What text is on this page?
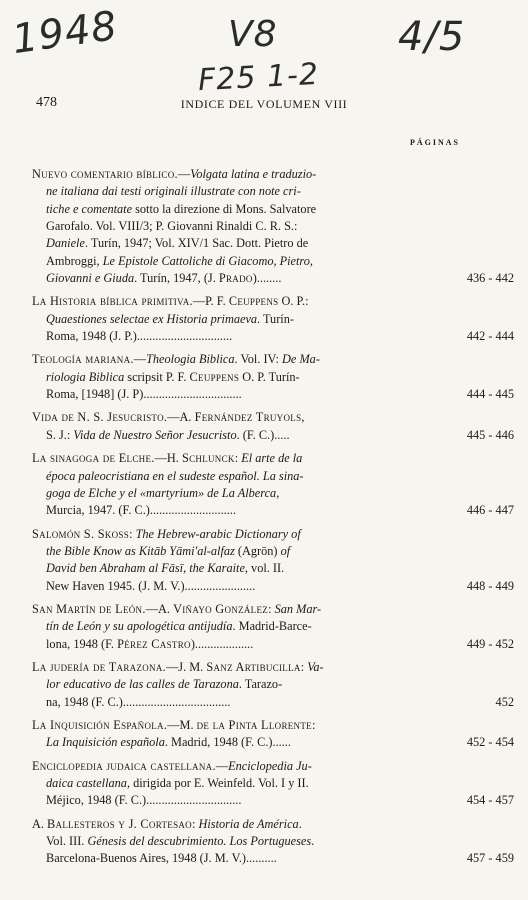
1948	V8	4/5
F25 1-2
478	INDICE DEL VOLUMEN VIII
PÁGINAS
Nuevo comentario bíblico.—Volgata latina e traduzio-
ne italiana dai testi originali illustrate con note cri-
tiche e comentate sotto la direzione di Mons. Salvatore
Garofalo. Vol. VIII/3; P. Giovanni Rinaldi C. R. S.:
Daniele. Turín, 1947; Vol. XIV/1 Sac. Dott. Pietro de
Ambroggi, Le Epistole Cattoliche di Giacomo, Pietro,
Giovanni e Giuda. Turín, 1947, (J. Prado)........	436 - 442
La Historia bíblica primitiva.—P. F. Ceuppens O. P.:
Quaestiones selectae ex Historia primaeva. Turín-
Roma, 1948 (J. P.)...............................	442 - 444
Teología mariana.—Theologia Biblica. Vol. IV: De Ma-
riologia Biblica scripsit P. F. Ceuppens O. P. Turín-
Roma, [1948] (J. P)................................	444 - 445
Vida de N. S. Jesucristo.—A. Fernández Truyols,
S. J.: Vida de Nuestro Señor Jesucristo. (F. C.).....	445 - 446
La sinagoga de Elche.—H. Schlunck: El arte de la
época paleocristiana en el sudeste español. La sina-
goga de Elche y el «martyrium» de La Alberca,
Murcia, 1947. (F. C.)............................	446 - 447
Salomón S. Skoss: The Hebrew-arabic Dictionary of
the Bible Know as Kitāb Yāmi'al-alfaz (Agrōn) of
David ben Abraham al Fāsī, the Karaite, vol. II.
New Haven 1945. (J. M. V.).......................	448 - 449
San Martín de León.—A. Viñayo González: San Mar-
tín de León y su apologética antijudía. Madrid-Barce-
lona, 1948 (F. Pérez Castro)...................	449 - 452
La judería de Tarazona.—J. M. Sanz Artibucilla: Va-
lor educativo de las calles de Tarazona. Tarazo-
na, 1948 (F. C.)...................................	452
La Inquisición Española.—M. de la Pinta Llorente:
La Inquisición española. Madrid, 1948 (F. C.)......	452 - 454
Enciclopedia judaica castellana.—Enciclopedia Ju-
daica castellana, dirigida por E. Weinfeld. Vol. I y II.
Méjico, 1948 (F. C.)...............................	454 - 457
A. Ballesteros y J. Cortesao: Historia de América.
Vol. III. Génesis del descubrimiento. Los Portugueses.
Barcelona-Buenos Aires, 1948 (J. M. V.)..........	457 - 459
